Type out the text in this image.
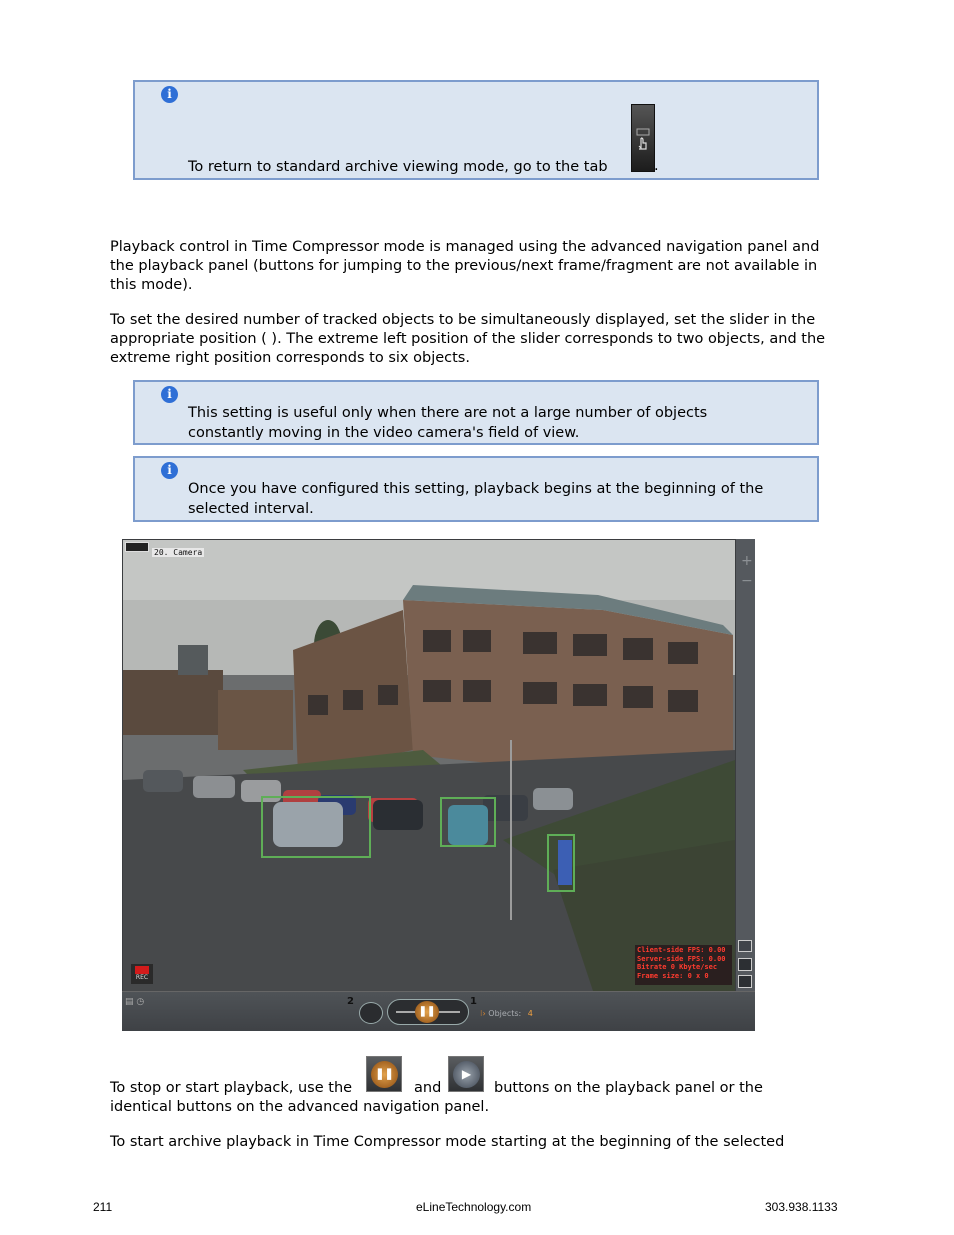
i
To return to standard archive viewing mode, go to the tab	.
Playback control in Time Compressor mode is managed using the advanced navigation panel and the playback panel (buttons for jumping to the previous/next frame/fragment are not available in this mode).
To set the desired number of tracked objects to be simultaneously displayed, set the slider in the appropriate position ( ). The extreme left position of the slider corresponds to two objects, and the extreme right position corresponds to six objects.
i
This setting is useful only when there are not a large number of objects
constantly moving in the video camera's field of view.
i
Once you have configured this setting, playback begins at the beginning of the
selected interval.
20. Camera
+
−
Client-side FPS: 0.00
Server-side FPS: 0.00
Bitrate 0 Kbyte/sec
Frame size: 0 x 0
REC
▤ ◷	2
❚❚
1
⁝› Objects: 4
❚❚	▶
To stop or start playback, use the	and	buttons on the playback panel or the
identical buttons on the advanced navigation panel.
To start archive playback in Time Compressor mode starting at the beginning of the selected
211	eLineTechnology.com	303.938.1133
